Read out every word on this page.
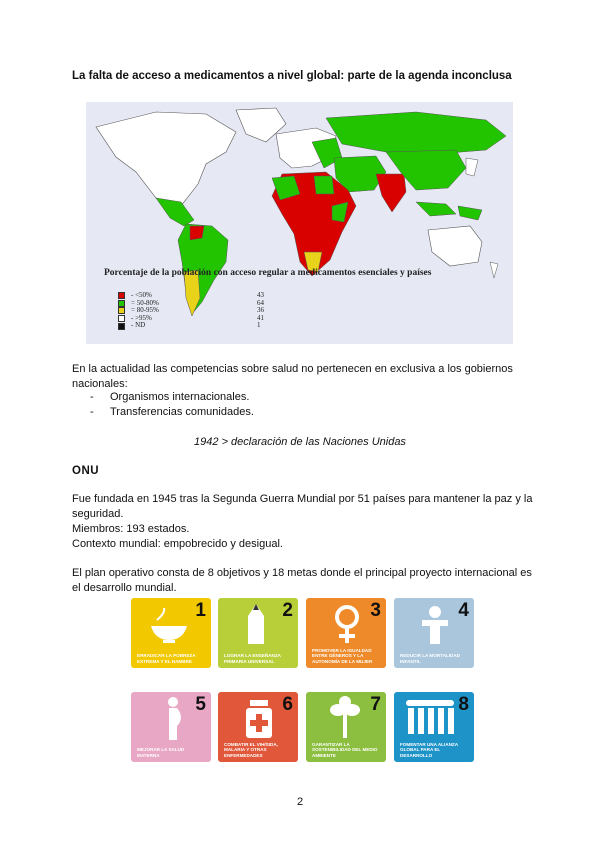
La falta de acceso a medicamentos a nivel global: parte de la agenda inconclusa
Porcentaje de la población con acceso regular a medicamentos esenciales y países
- <50%	43
= 50-80%	64
= 80-95%	36
- >95%	41
- ND	1
En la actualidad las competencias sobre salud no pertenecen en exclusiva a los gobiernos nacionales:
-	Organismos internacionales.
-	Transferencias comunidades.
1942 > declaración de las Naciones Unidas
ONU
Fue fundada en 1945 tras la Segunda Guerra Mundial por 51 países para mantener la paz y la seguridad.
Miembros: 193 estados.
Contexto mundial: empobrecido y desigual.
El plan operativo consta de 8 objetivos y 18 metas donde el principal proyecto internacional es el desarrollo mundial.
1
ERRADICAR LA POBREZA EXTREMA Y EL HAMBRE
2
LOGRAR LA ENSEÑANZA PRIMARIA UNIVERSAL
3
PROMOVER LA IGUALDAD ENTRE GÉNEROS Y LA AUTONOMÍA DE LA MUJER
4
REDUCIR LA MORTALIDAD INFANTIL
5
MEJORAR LA SALUD MATERNA
6
COMBATIR EL VIH/SIDA, MALARIA Y OTRAS ENFERMEDADES
7
GARANTIZAR LA SOSTENIBILIDAD DEL MEDIO AMBIENTE
8
FOMENTAR UNA ALIANZA GLOBAL PARA EL DESARROLLO
2
